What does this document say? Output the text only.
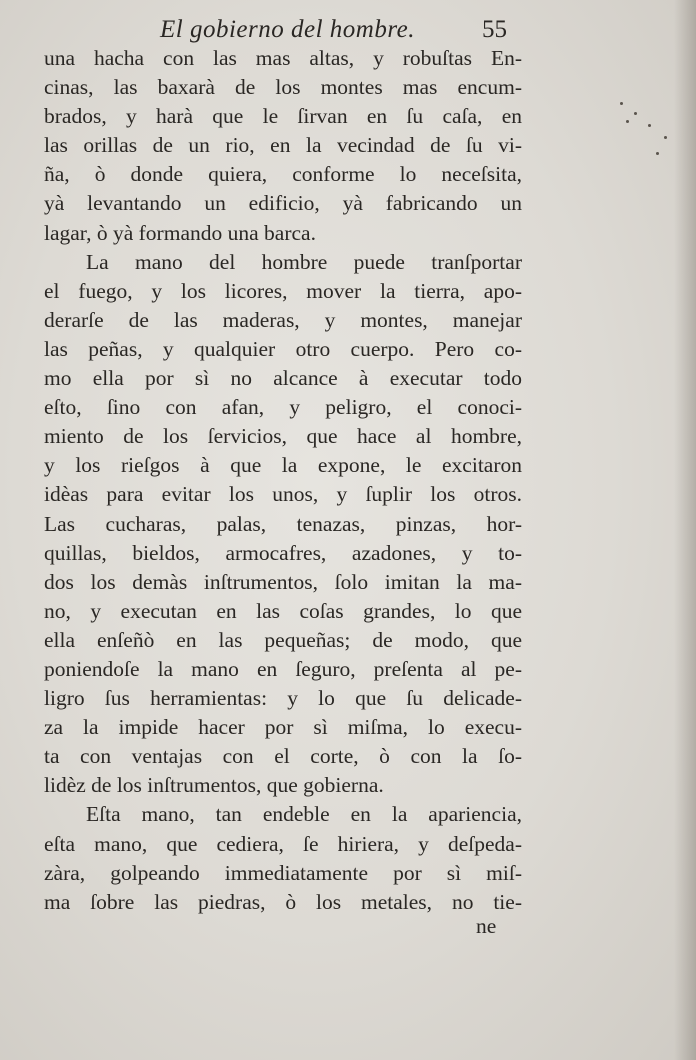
El gobierno del hombre.	55
una hacha con las mas altas, y robuſtas En-
cinas, las baxarà de los montes mas encum-
brados, y harà que le ſirvan en ſu caſa, en
las orillas de un rio, en la vecindad de ſu vi-
ña, ò donde quiera, conforme lo neceſsita,
yà levantando un edificio, yà fabricando un
lagar, ò yà formando una barca.
La mano del hombre puede tranſportar
el fuego, y los licores, mover la tierra, apo-
derarſe de las maderas, y montes, manejar
las peñas, y qualquier otro cuerpo. Pero co-
mo ella por sì no alcance à executar todo
eſto, ſino con afan, y peligro, el conoci-
miento de los ſervicios, que hace al hombre,
y los rieſgos à que la expone, le excitaron
idèas para evitar los unos, y ſuplir los otros.
Las cucharas, palas, tenazas, pinzas, hor-
quillas, bieldos, armocafres, azadones, y to-
dos los demàs inſtrumentos, ſolo imitan la ma-
no, y executan en las coſas grandes, lo que
ella enſeñò en las pequeñas; de modo, que
poniendoſe la mano en ſeguro, preſenta al pe-
ligro ſus herramientas: y lo que ſu delicade-
za la impide hacer por sì miſma, lo execu-
ta con ventajas con el corte, ò con la ſo-
lidèz de los inſtrumentos, que gobierna.
Eſta mano, tan endeble en la apariencia,
eſta mano, que cediera, ſe hiriera, y deſpeda-
zàra, golpeando immediatamente por sì miſ-
ma ſobre las piedras, ò los metales, no tie-
ne
